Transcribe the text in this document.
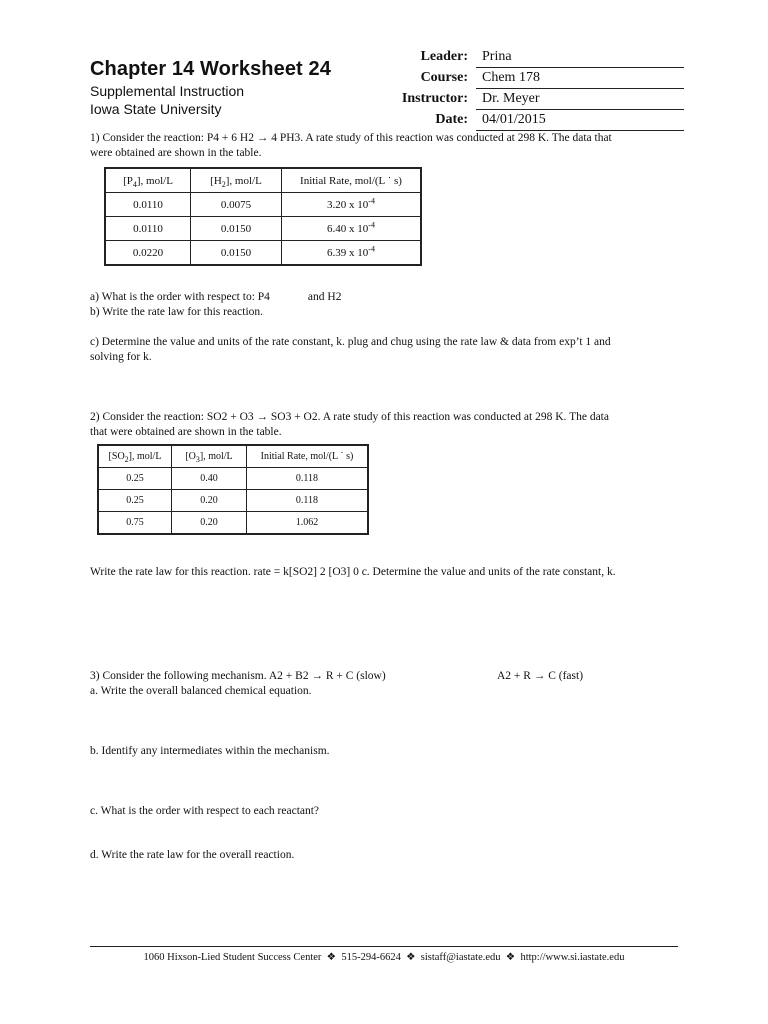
Chapter 14 Worksheet 24
Supplemental Instruction
Iowa State University
Leader:	Prina
Course:	Chem 178
Instructor:	Dr. Meyer
Date:	04/01/2015
1) Consider the reaction: P4 + 6 H2 → 4 PH3. A rate study of this reaction was conducted at 298 K. The data that
were obtained are shown in the table.
$[P_4]$, mol/L	$[H_2]$, mol/L	Initial Rate, mol/(L ˙ s)
0.0110	0.0075	3.20 x $10^{-4}$
0.0110	0.0150	6.40 x $10^{-4}$
0.0220	0.0150	6.39 x $10^{-4}$
a) What is the order with respect to: P4	and H2
b) Write the rate law for this reaction.
c) Determine the value and units of the rate constant, k. plug and chug using the rate law & data from exp’t 1 and
solving for k.
2) Consider the reaction: SO2 + O3 → SO3 + O2. A rate study of this reaction was conducted at 298 K. The data
that were obtained are shown in the table.
$[SO_2]$, mol/L	$[O_3]$, mol/L	Initial Rate, mol/(L ˙ s)
0.25	0.40	0.118
0.25	0.20	0.118
0.75	0.20	1.062
Write the rate law for this reaction. rate = k[SO2] 2 [O3] 0 c. Determine the value and units of the rate constant, k.
3) Consider the following mechanism. A2 + B2 → R + C (slow)	A2 + R → C (fast)
a. Write the overall balanced chemical equation.
b. Identify any intermediates within the mechanism.
c. What is the order with respect to each reactant?
d. Write the rate law for the overall reaction.
1060 Hixson-Lied Student Success Center ❖ 515-294-6624 ❖ sistaff@iastate.edu ❖ http://www.si.iastate.edu
